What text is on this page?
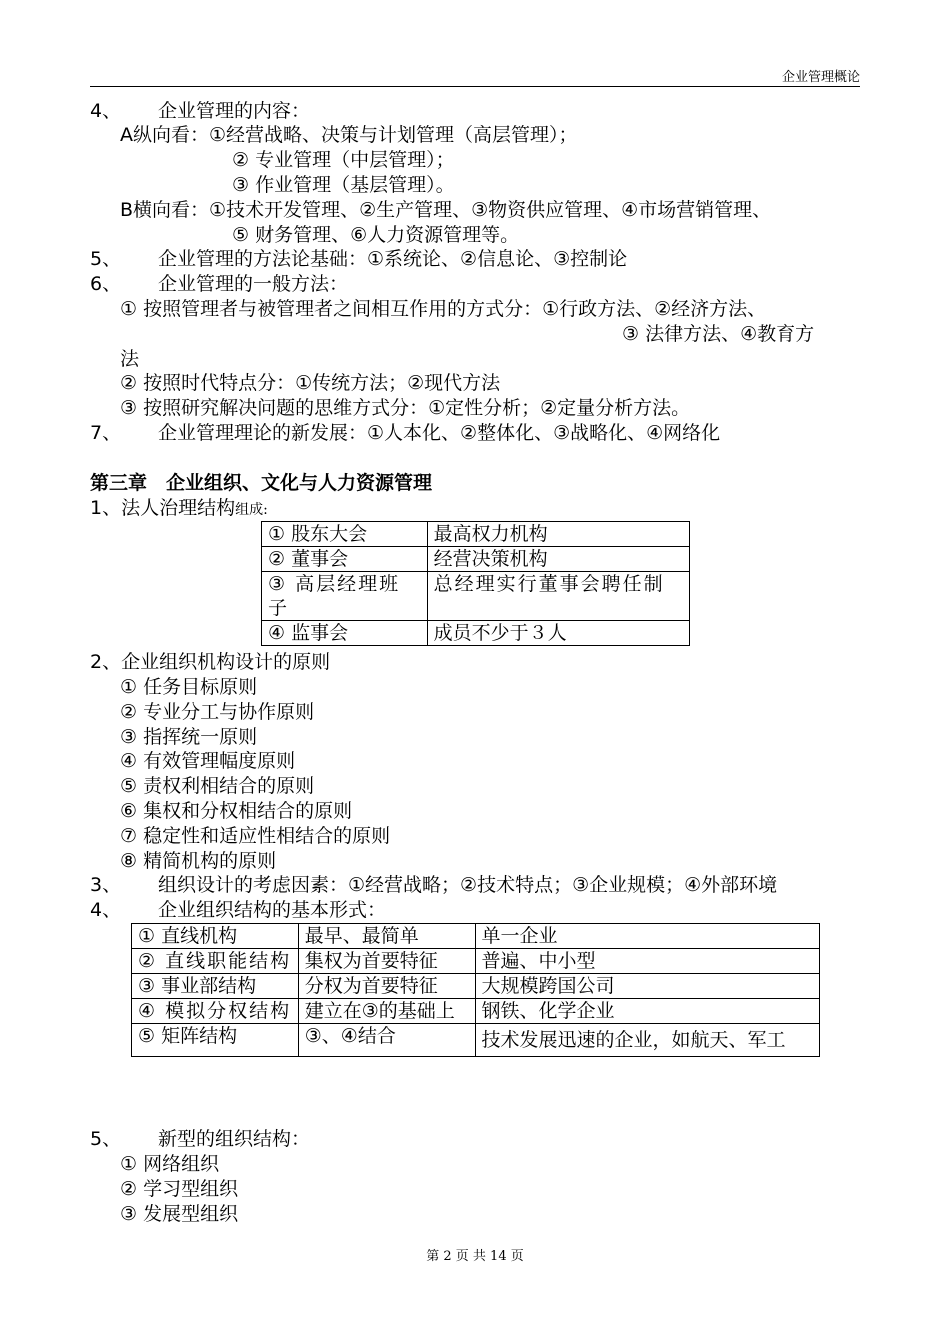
企业管理概论
4、 企业管理的内容：
A纵向看：①经营战略、决策与计划管理（高层管理）；
② 专业管理（中层管理）；
③ 作业管理（基层管理）。
B横向看：①技术开发管理、②生产管理、③物资供应管理、④市场营销管理、
⑤ 财务管理、⑥人力资源管理等。
5、 企业管理的方法论基础：①系统论、②信息论、③控制论
6、 企业管理的一般方法：
① 按照管理者与被管理者之间相互作用的方式分：①行政方法、②经济方法、
③ 法律方法、④教育方
法
② 按照时代特点分：①传统方法；②现代方法
③ 按照研究解决问题的思维方式分：①定性分析；②定量分析方法。
7、 企业管理理论的新发展：①人本化、②整体化、③战略化、④网络化
第三章　企业组织、文化与人力资源管理
1、法人治理结构组成:
① 股东大会	最高权力机构
② 董事会	经营决策机构
③ 高层经理班子	总经理实行董事会聘任制
④ 监事会	成员不少于３人
2、企业组织机构设计的原则
① 任务目标原则
② 专业分工与协作原则
③ 指挥统一原则
④ 有效管理幅度原则
⑤ 责权利相结合的原则
⑥ 集权和分权相结合的原则
⑦ 稳定性和适应性相结合的原则
⑧ 精简机构的原则
3、 组织设计的考虑因素：①经营战略；②技术特点；③企业规模；④外部环境
4、 企业组织结构的基本形式：
① 直线机构	最早、最简单	单一企业
② 直线职能结构	集权为首要特征	普遍、中小型
③ 事业部结构	分权为首要特征	大规模跨国公司
④ 模拟分权结构	建立在③的基础上	钢铁、化学企业
⑤ 矩阵结构	③、④结合	技术发展迅速的企业，如航天、军工
5、 新型的组织结构：
① 网络组织
② 学习型组织
③ 发展型组织
第 2 页 共 14 页
